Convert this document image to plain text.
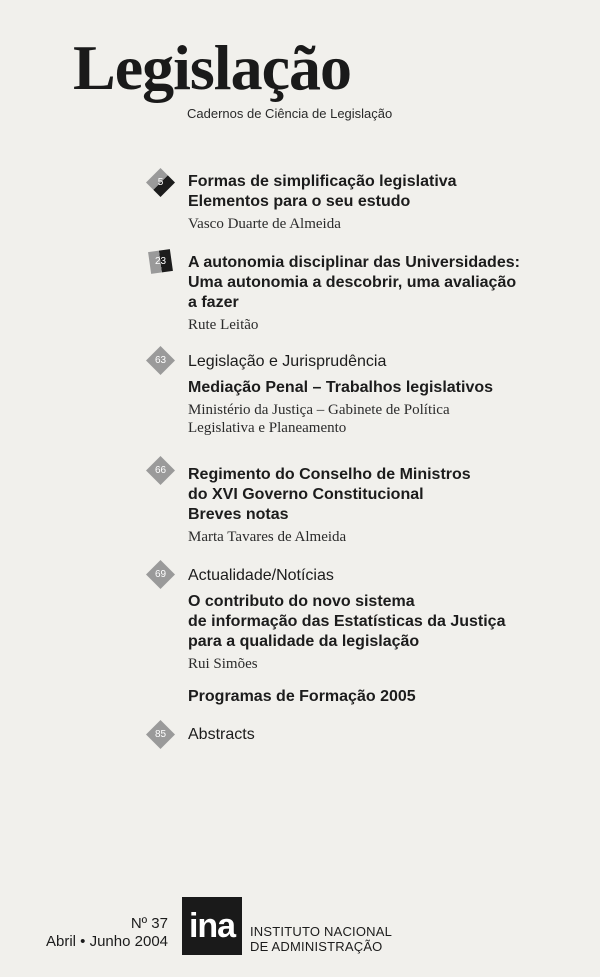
Legislação
Cadernos de Ciência de Legislação
5 Formas de simplificação legislativa
Elementos para o seu estudo
Vasco Duarte de Almeida
23 A autonomia disciplinar das Universidades:
Uma autonomia a descobrir, uma avaliação
a fazer
Rute Leitão
63 Legislação e Jurisprudência
Mediação Penal – Trabalhos legislativos
Ministério da Justiça – Gabinete de Política
Legislativa e Planeamento
66 Regimento do Conselho de Ministros
do XVI Governo Constitucional
Breves notas
Marta Tavares de Almeida
69 Actualidade/Notícias
O contributo do novo sistema
de informação das Estatísticas da Justiça
para a qualidade da legislação
Rui Simões
Programas de Formação 2005
85 Abstracts
Nº 37
Abril • Junho 2004 ina	INSTITUTO NACIONAL
DE ADMINISTRAÇÃO
